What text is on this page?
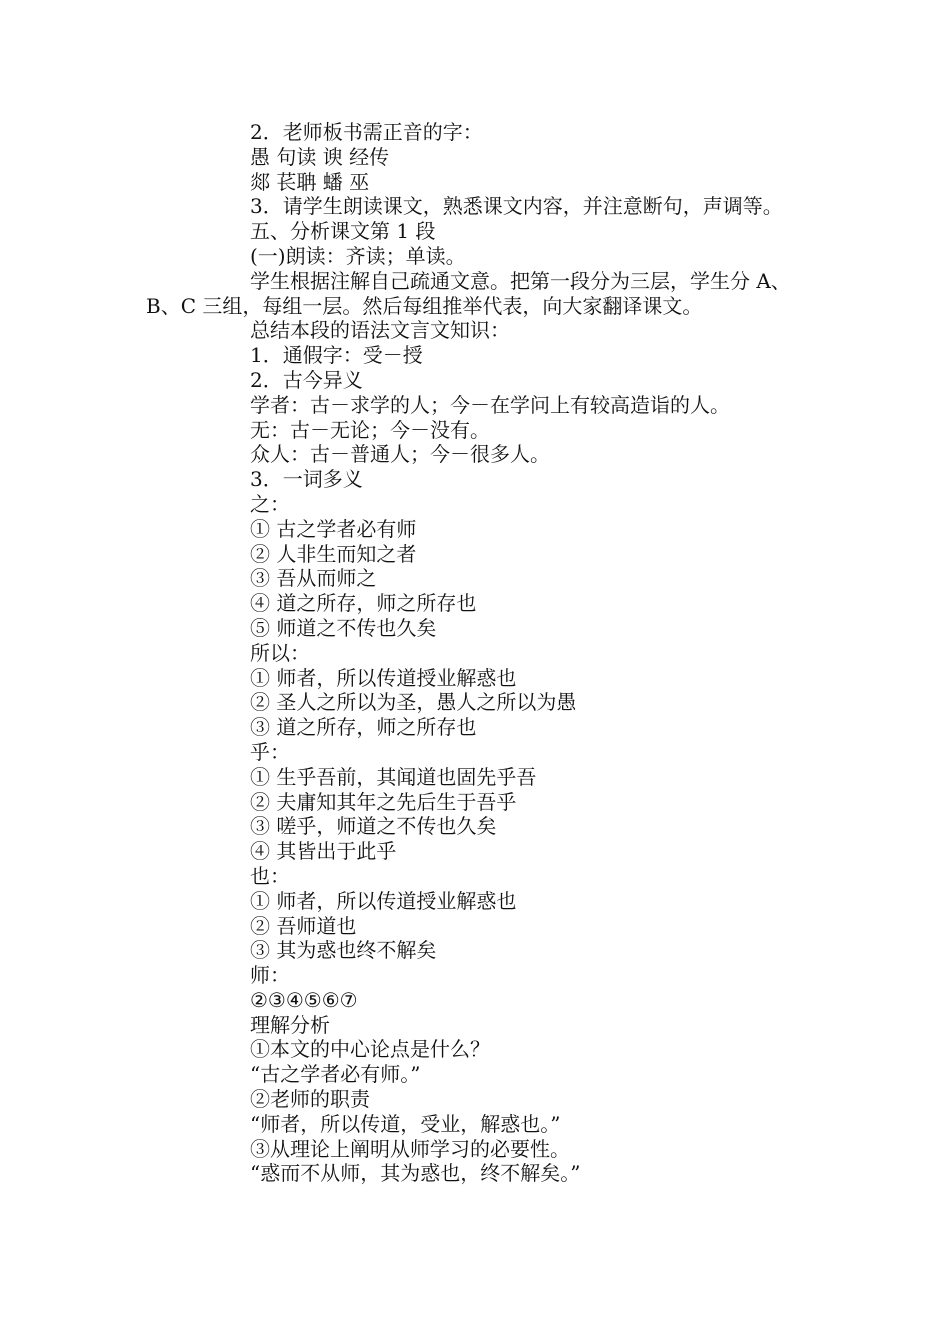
2．老师板书需正音的字：
愚 句读 谀 经传
郯 苌聃 蟠 巫
3．请学生朗读课文，熟悉课文内容，并注意断句，声调等。
五、分析课文第 1 段
(一)朗读：齐读；单读。
学生根据注解自己疏通文意。把第一段分为三层，学生分 A、B、C 三组，每组一层。然后每组推举代表，向大家翻译课文。
总结本段的语法文言文知识：
1．通假字：受－授
2．古今异义
学者：古－求学的人；今－在学问上有较高造诣的人。
无：古－无论；今－没有。
众人：古－普通人；今－很多人。
3．一词多义
之：
① 古之学者必有师
② 人非生而知之者
③ 吾从而师之
④ 道之所存，师之所存也
⑤ 师道之不传也久矣
所以：
① 师者，所以传道授业解惑也
② 圣人之所以为圣，愚人之所以为愚
③ 道之所存，师之所存也
乎：
① 生乎吾前，其闻道也固先乎吾
② 夫庸知其年之先后生于吾乎
③ 嗟乎，师道之不传也久矣
④ 其皆出于此乎
也：
① 师者，所以传道授业解惑也
② 吾师道也
③ 其为惑也终不解矣
师：
②③④⑤⑥⑦
理解分析
①本文的中心论点是什么？
“古之学者必有师。”
②老师的职责
“师者，所以传道，受业，解惑也。”
③从理论上阐明从师学习的必要性。
“惑而不从师，其为惑也，终不解矣。”
